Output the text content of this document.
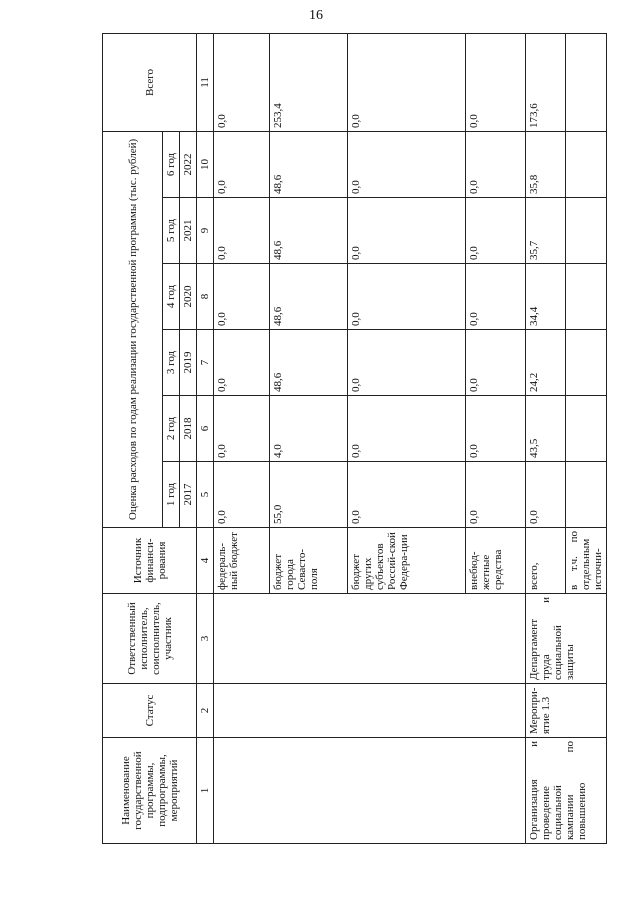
16
Наименование государственной программы, подпрограммы, мероприятий	Статус	Ответственный исполнитель, соисполнитель, участник	Источник финанси-рования	Оценка расходов по годам реализации государственной программы (тыс. рублей)						Всего
				1 год	2 год	3 год	4 год	5 год	6 год	
				2017	2018	2019	2020	2021	2022	
1	2	3	4	5	6	7	8	9	10	11
			федераль-ный бюджет	0,0	0,0	0,0	0,0	0,0	0,0	0,0
			бюджет города Севасто-поля	55,0	4,0	48,6	48,6	48,6	48,6	253,4
			бюджет других субъектов Россий-ской Федера-ции	0,0	0,0	0,0	0,0	0,0	0,0	0,0
			внебюд-жетные средства	0,0	0,0	0,0	0,0	0,0	0,0	0,0
Организация и проведение социальной кампании по повышению	Меропри-ятие 1.3	Департамент труда и социальной защиты	всего,	0,0	43,5	24,2	34,4	35,7	35,8	173,6
			в т.ч. по отдельным источни-							
